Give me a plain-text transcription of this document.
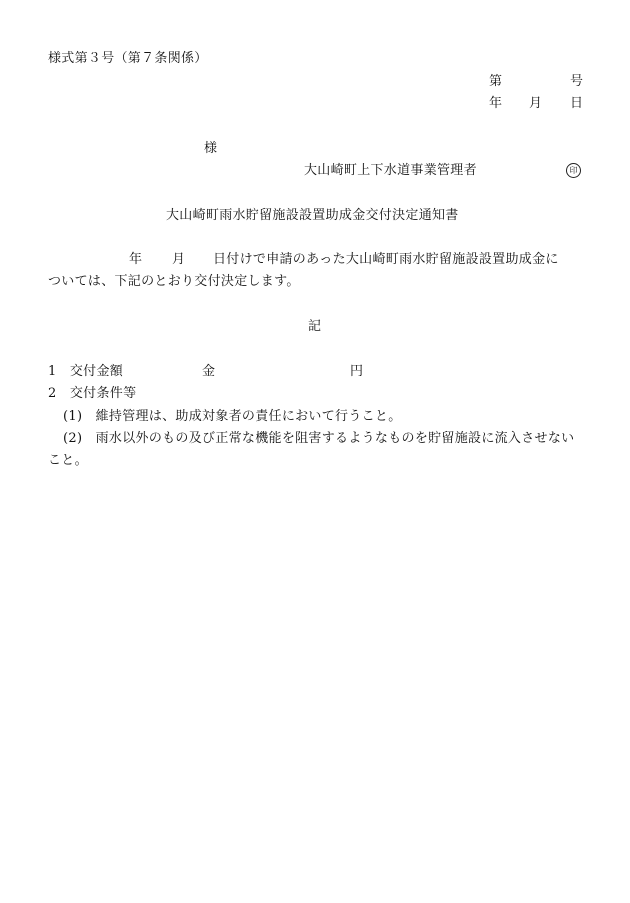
様式第３号（第７条関係）
第	号
年 月 日
様
大山崎町上下水道事業管理者	印
大山崎町雨水貯留施設設置助成金交付決定通知書
年 月 日付けで申請のあった大山崎町雨水貯留施設設置助成金に
ついては、下記のとおり交付決定します。
記
1　交付金額	金	円
2　交付条件等
(1)　維持管理は、助成対象者の責任において行うこと。
(2)　雨水以外のもの及び正常な機能を阻害するようなものを貯留施設に流入させない
こと。
